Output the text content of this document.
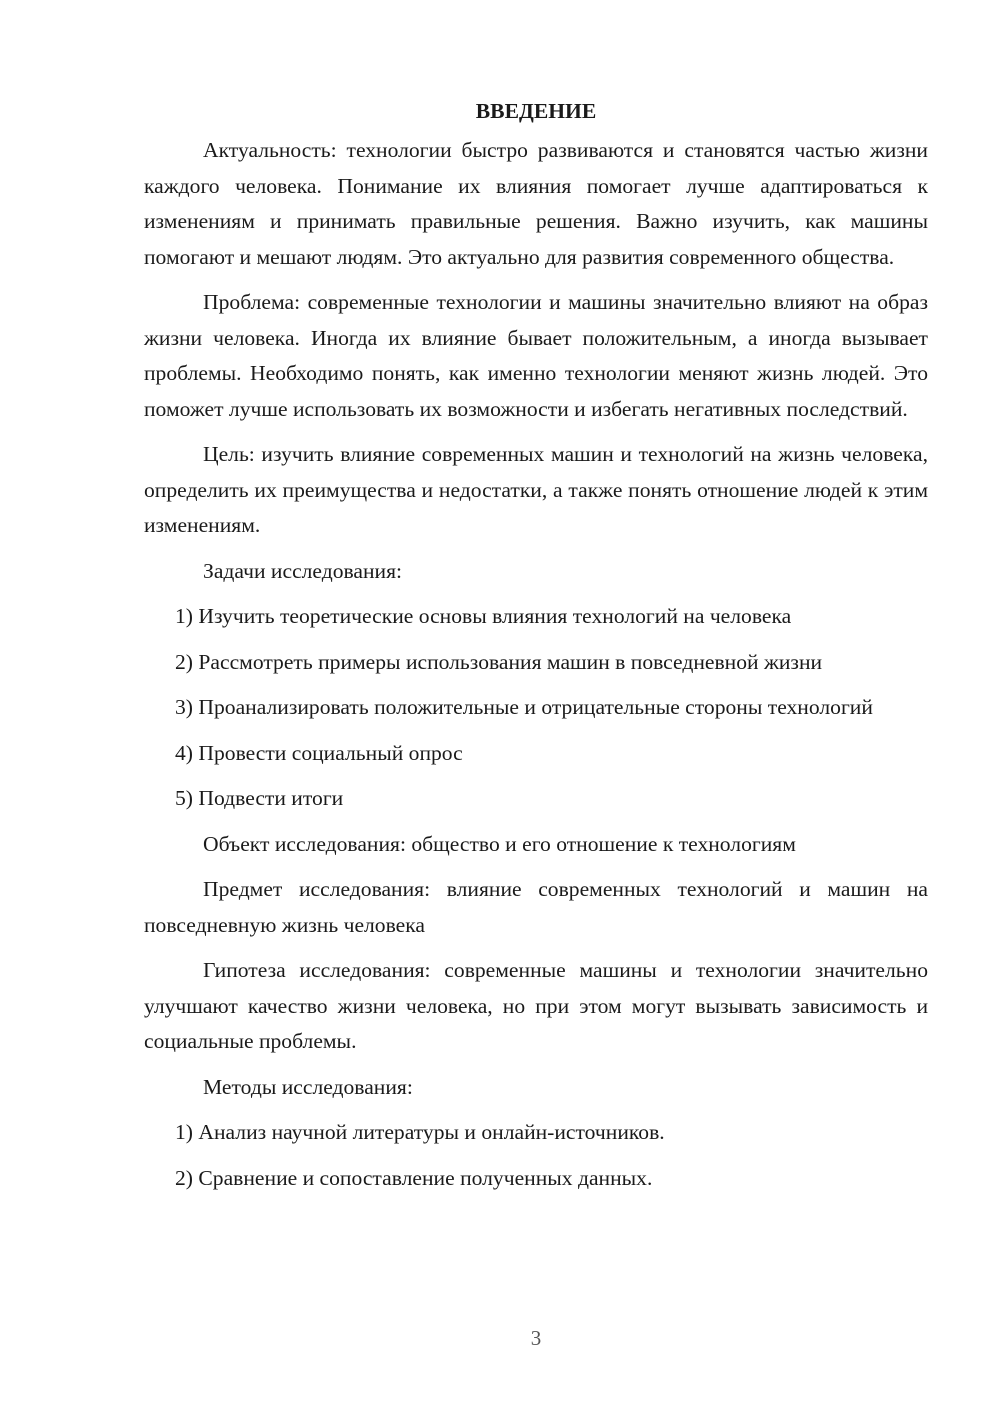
ВВЕДЕНИЕ
Актуальность: технологии быстро развиваются и становятся частью жизни каждого человека. Понимание их влияния помогает лучше адаптироваться к изменениям и принимать правильные решения. Важно изучить, как машины помогают и мешают людям. Это актуально для развития современного общества.
Проблема: современные технологии и машины значительно влияют на образ жизни человека. Иногда их влияние бывает положительным, а иногда вызывает проблемы. Необходимо понять, как именно технологии меняют жизнь людей. Это поможет лучше использовать их возможности и избегать негативных последствий.
Цель: изучить влияние современных машин и технологий на жизнь человека, определить их преимущества и недостатки, а также понять отношение людей к этим изменениям.
Задачи исследования:
1) Изучить теоретические основы влияния технологий на человека
2) Рассмотреть примеры использования машин в повседневной жизни
3) Проанализировать положительные и отрицательные стороны технологий
4) Провести социальный опрос
5) Подвести итоги
Объект исследования: общество и его отношение к технологиям
Предмет исследования: влияние современных технологий и машин на повседневную жизнь человека
Гипотеза исследования: современные машины и технологии значительно улучшают качество жизни человека, но при этом могут вызывать зависимость и социальные проблемы.
Методы исследования:
1) Анализ научной литературы и онлайн-источников.
2) Сравнение и сопоставление полученных данных.
3
